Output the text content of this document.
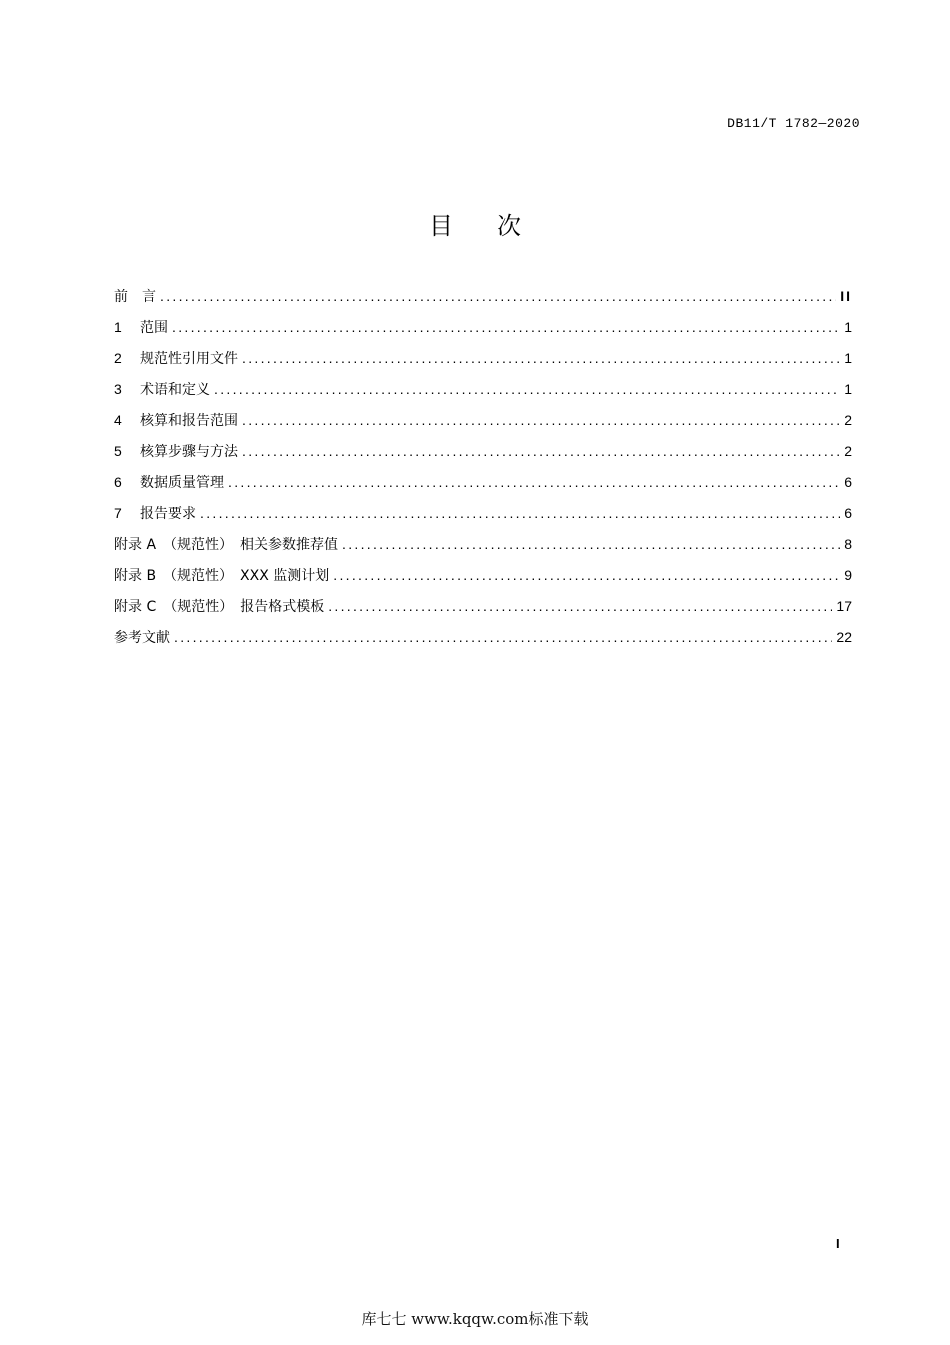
DB11/T 1782—2020
目次
前　言 .....	II
1 范围 .....	1
2 规范性引用文件 .....	1
3 术语和定义 .....	1
4 核算和报告范围 .....	2
5 核算步骤与方法 .....	2
6 数据质量管理 .....	6
7 报告要求 .....	6
附录 A　（规范性）　相关参数推荐值 .....	8
附录 B　（规范性）　XXX 监测计划 .....	9
附录 C　（规范性）　报告格式模板 .....	17
参考文献 .....	22
I
库七七 www.kqqw.com标准下载
